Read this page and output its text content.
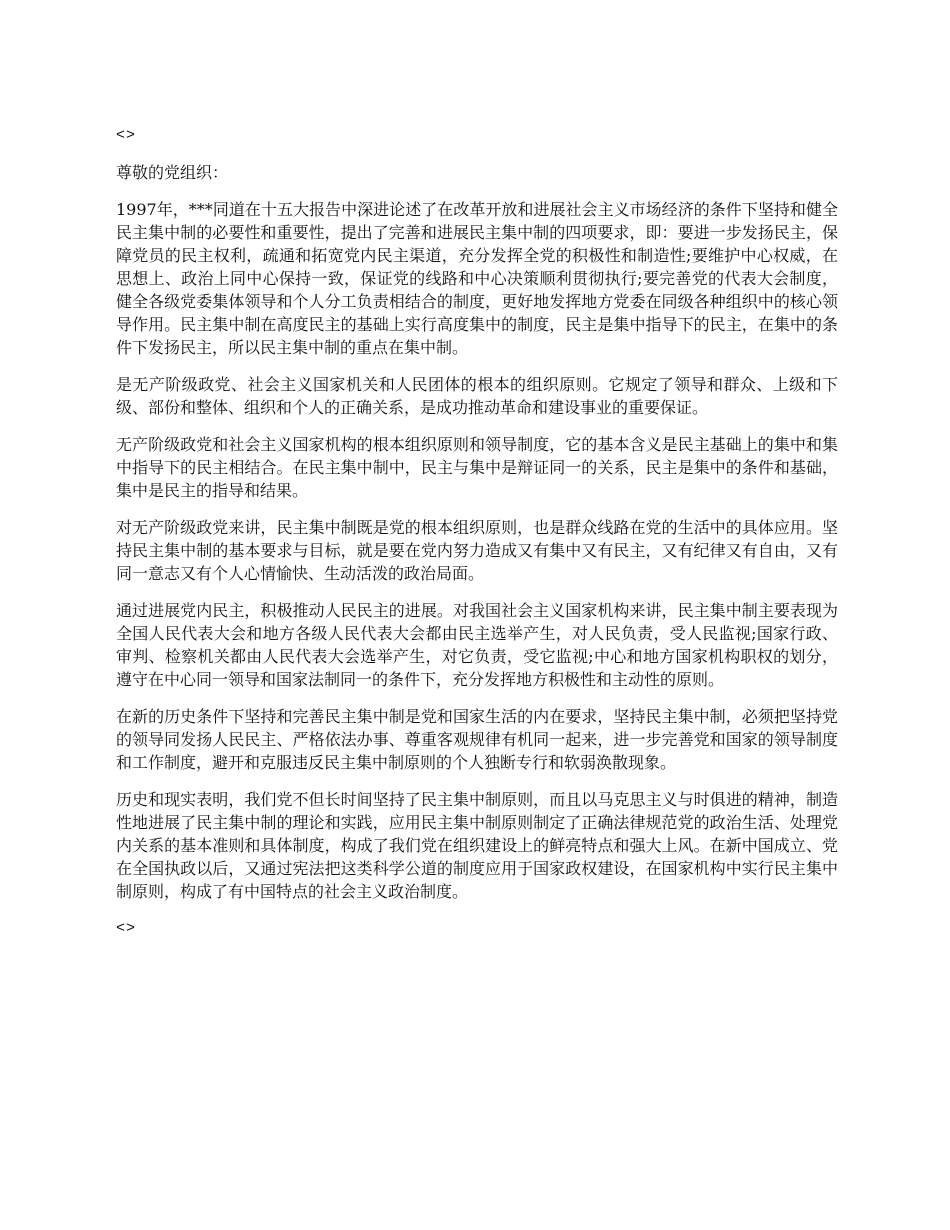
<>
尊敬的党组织：

1997年，***同道在十五大报告中深进论述了在改革开放和进展社会主义市场经济的条件下坚持和健全民主集中制的必要性和重要性，提出了完善和进展民主集中制的四项要求，即：要进一步发扬民主，保障党员的民主权利，疏通和拓宽党内民主渠道，充分发挥全党的积极性和制造性;要维护中心权威，在思想上、政治上同中心保持一致，保证党的线路和中心决策顺利贯彻执行;要完善党的代表大会制度，健全各级党委集体领导和个人分工负责相结合的制度，更好地发挥地方党委在同级各种组织中的核心领导作用。民主集中制在高度民主的基础上实行高度集中的制度，民主是集中指导下的民主，在集中的条件下发扬民主，所以民主集中制的重点在集中制。

是无产阶级政党、社会主义国家机关和人民团体的根本的组织原则。它规定了领导和群众、上级和下级、部份和整体、组织和个人的正确关系，是成功推动革命和建设事业的重要保证。

无产阶级政党和社会主义国家机构的根本组织原则和领导制度，它的基本含义是民主基础上的集中和集中指导下的民主相结合。在民主集中制中，民主与集中是辩证同一的关系，民主是集中的条件和基础，集中是民主的指导和结果。

对无产阶级政党来讲，民主集中制既是党的根本组织原则，也是群众线路在党的生活中的具体应用。坚持民主集中制的基本要求与目标，就是要在党内努力造成又有集中又有民主，又有纪律又有自由，又有同一意志又有个人心情愉快、生动活泼的政治局面。

通过进展党内民主，积极推动人民民主的进展。对我国社会主义国家机构来讲，民主集中制主要表现为全国人民代表大会和地方各级人民代表大会都由民主选举产生，对人民负责，受人民监视;国家行政、审判、检察机关都由人民代表大会选举产生，对它负责，受它监视;中心和地方国家机构职权的划分，遵守在中心同一领导和国家法制同一的条件下，充分发挥地方积极性和主动性的原则。

在新的历史条件下坚持和完善民主集中制是党和国家生活的内在要求，坚持民主集中制，必须把坚持党的领导同发扬人民民主、严格依法办事、尊重客观规律有机同一起来，进一步完善党和国家的领导制度和工作制度，避开和克服违反民主集中制原则的个人独断专行和软弱涣散现象。

历史和现实表明，我们党不但长时间坚持了民主集中制原则，而且以马克思主义与时俱进的精神，制造性地进展了民主集中制的理论和实践，应用民主集中制原则制定了正确法律规范党的政治生活、处理党内关系的基本准则和具体制度，构成了我们党在组织建设上的鲜亮特点和强大上风。在新中国成立、党在全国执政以后，又通过宪法把这类科学公道的制度应用于国家政权建设，在国家机构中实行民主集中制原则，构成了有中国特点的社会主义政治制度。

<>
